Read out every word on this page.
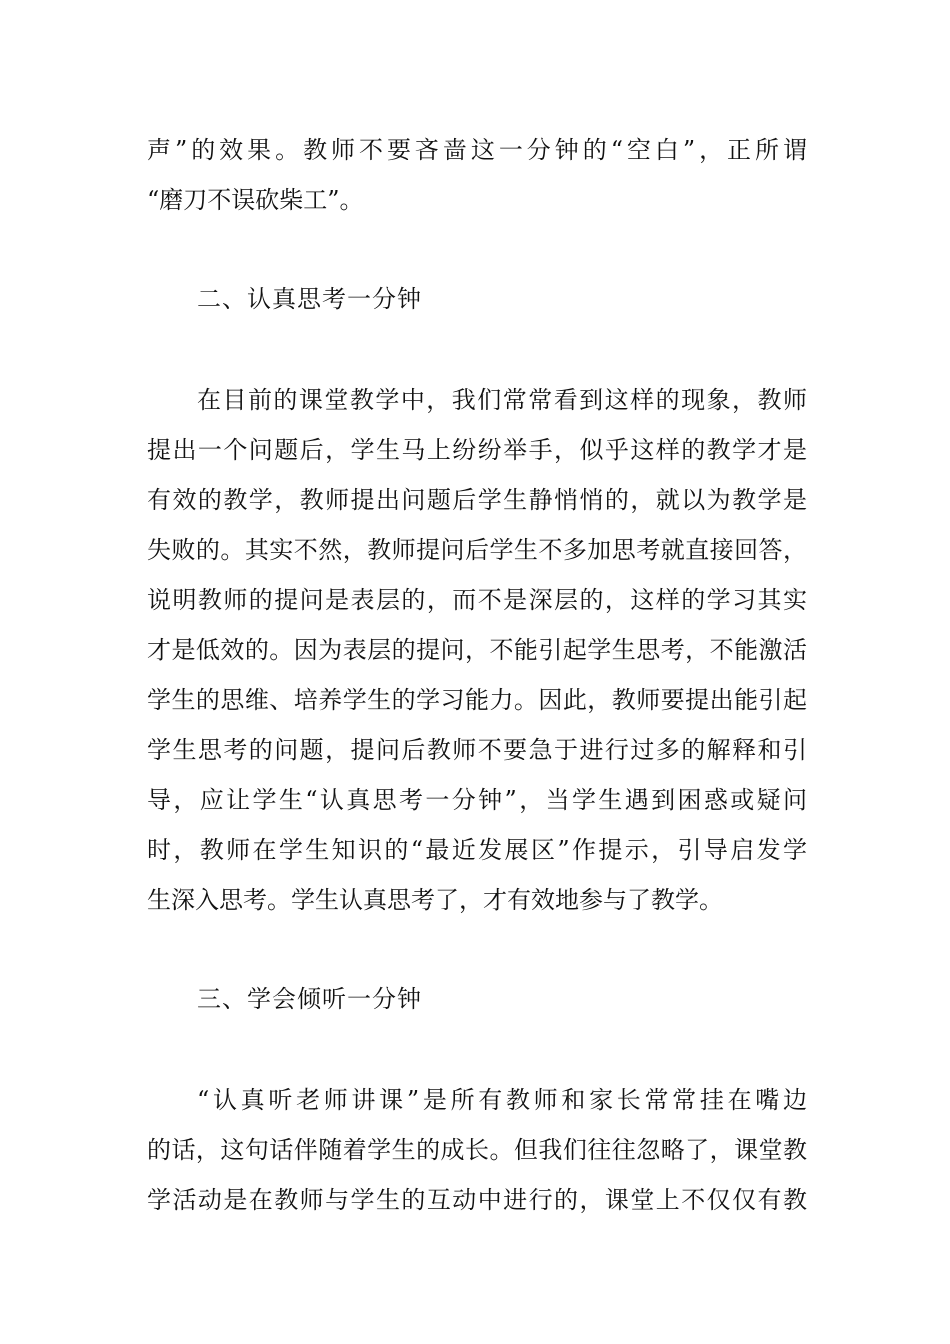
声”的效果。教师不要吝啬这一分钟的“空白”，正所谓
“磨刀不误砍柴工”。
二、认真思考一分钟
在目前的课堂教学中，我们常常看到这样的现象，教师
提出一个问题后，学生马上纷纷举手，似乎这样的教学才是
有效的教学，教师提出问题后学生静悄悄的，就以为教学是
失败的。其实不然，教师提问后学生不多加思考就直接回答，
说明教师的提问是表层的，而不是深层的，这样的学习其实
才是低效的。因为表层的提问，不能引起学生思考，不能激活
学生的思维、培养学生的学习能力。因此，教师要提出能引起
学生思考的问题，提问后教师不要急于进行过多的解释和引
导，应让学生“认真思考一分钟”，当学生遇到困惑或疑问
时，教师在学生知识的“最近发展区”作提示，引导启发学
生深入思考。学生认真思考了，才有效地参与了教学。
三、学会倾听一分钟
“认真听老师讲课”是所有教师和家长常常挂在嘴边
的话，这句话伴随着学生的成长。但我们往往忽略了，课堂教
学活动是在教师与学生的互动中进行的，课堂上不仅仅有教
